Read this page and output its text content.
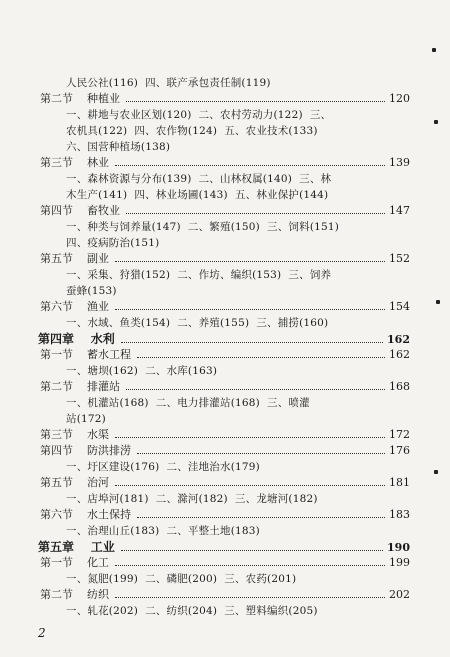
人民公社(116)  四、联产承包责任制(119)
第二节    种植业	120
一、耕地与农业区划(120)  二、农村劳动力(122)  三、
农机具(122)  四、农作物(124)  五、农业技术(133)
六、国营种植场(138)
第三节    林业	139
一、森林资源与分布(139)  二、山林权属(140)  三、林
木生产(141)  四、林业场圃(143)  五、林业保护(144)
第四节    畜牧业	147
一、种类与饲养量(147)  二、繁殖(150)  三、饲料(151)
四、疫病防治(151)
第五节    副业	152
一、采集、狩猎(152)  二、作坊、编织(153)  三、饲养
蚕蜂(153)
第六节    渔业	154
一、水域、鱼类(154)  二、养殖(155)  三、捕捞(160)
第四章    水利	162
第一节    蓄水工程	162
一、塘坝(162)  二、水库(163)
第二节    排灌站	168
一、机灌站(168)  二、电力排灌站(168)  三、喷灌
站(172)
第三节    水渠	172
第四节    防洪排涝	176
一、圩区建设(176)  二、洼地治水(179)
第五节    治河	181
一、店埠河(181)  二、滁河(182)  三、龙塘河(182)
第六节    水土保持	183
一、治理山丘(183)  二、平整土地(183)
2
第五章    工业	190
第一节    化工	199
一、氮肥(199)  二、磷肥(200)  三、农药(201)
第二节    纺织	202
一、轧花(202)  二、纺织(204)  三、塑料编织(205)
